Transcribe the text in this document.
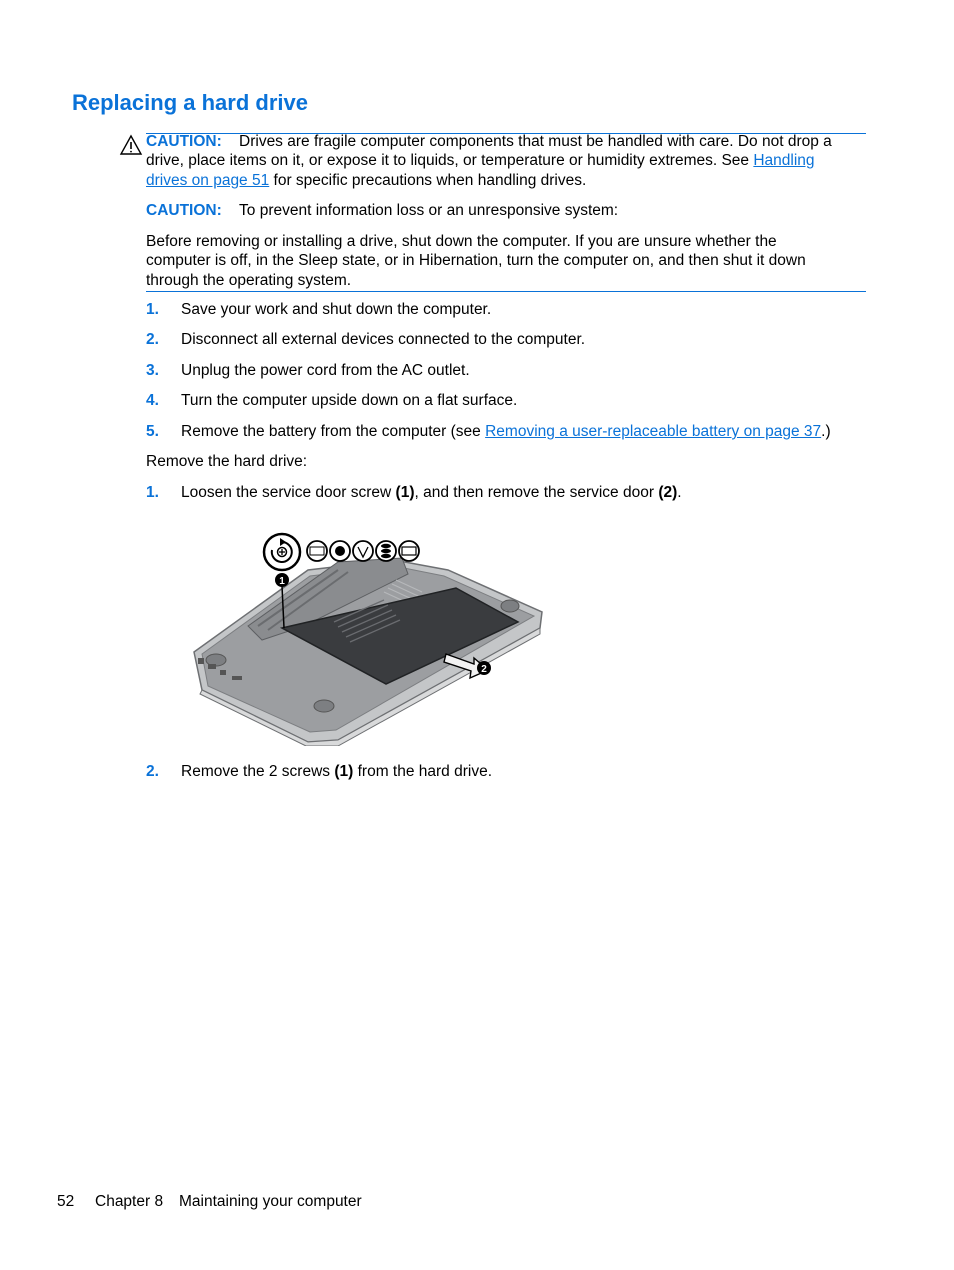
Replacing a hard drive
CAUTION: Drives are fragile computer components that must be handled with care. Do not drop a
drive, place items on it, or expose it to liquids, or temperature or humidity extremes. See Handling
drives on page 51 for specific precautions when handling drives.
CAUTION: To prevent information loss or an unresponsive system:
Before removing or installing a drive, shut down the computer. If you are unsure whether the
computer is off, in the Sleep state, or in Hibernation, turn the computer on, and then shut it down
through the operating system.
1. Save your work and shut down the computer.
2. Disconnect all external devices connected to the computer.
3. Unplug the power cord from the AC outlet.
4. Turn the computer upside down on a flat surface.
5. Remove the battery from the computer (see Removing a user-replaceable battery on page 37.)
Remove the hard drive:
1. Loosen the service door screw (1), and then remove the service door (2).
1
2
2. Remove the 2 screws (1) from the hard drive.
52 Chapter 8 Maintaining your computer
